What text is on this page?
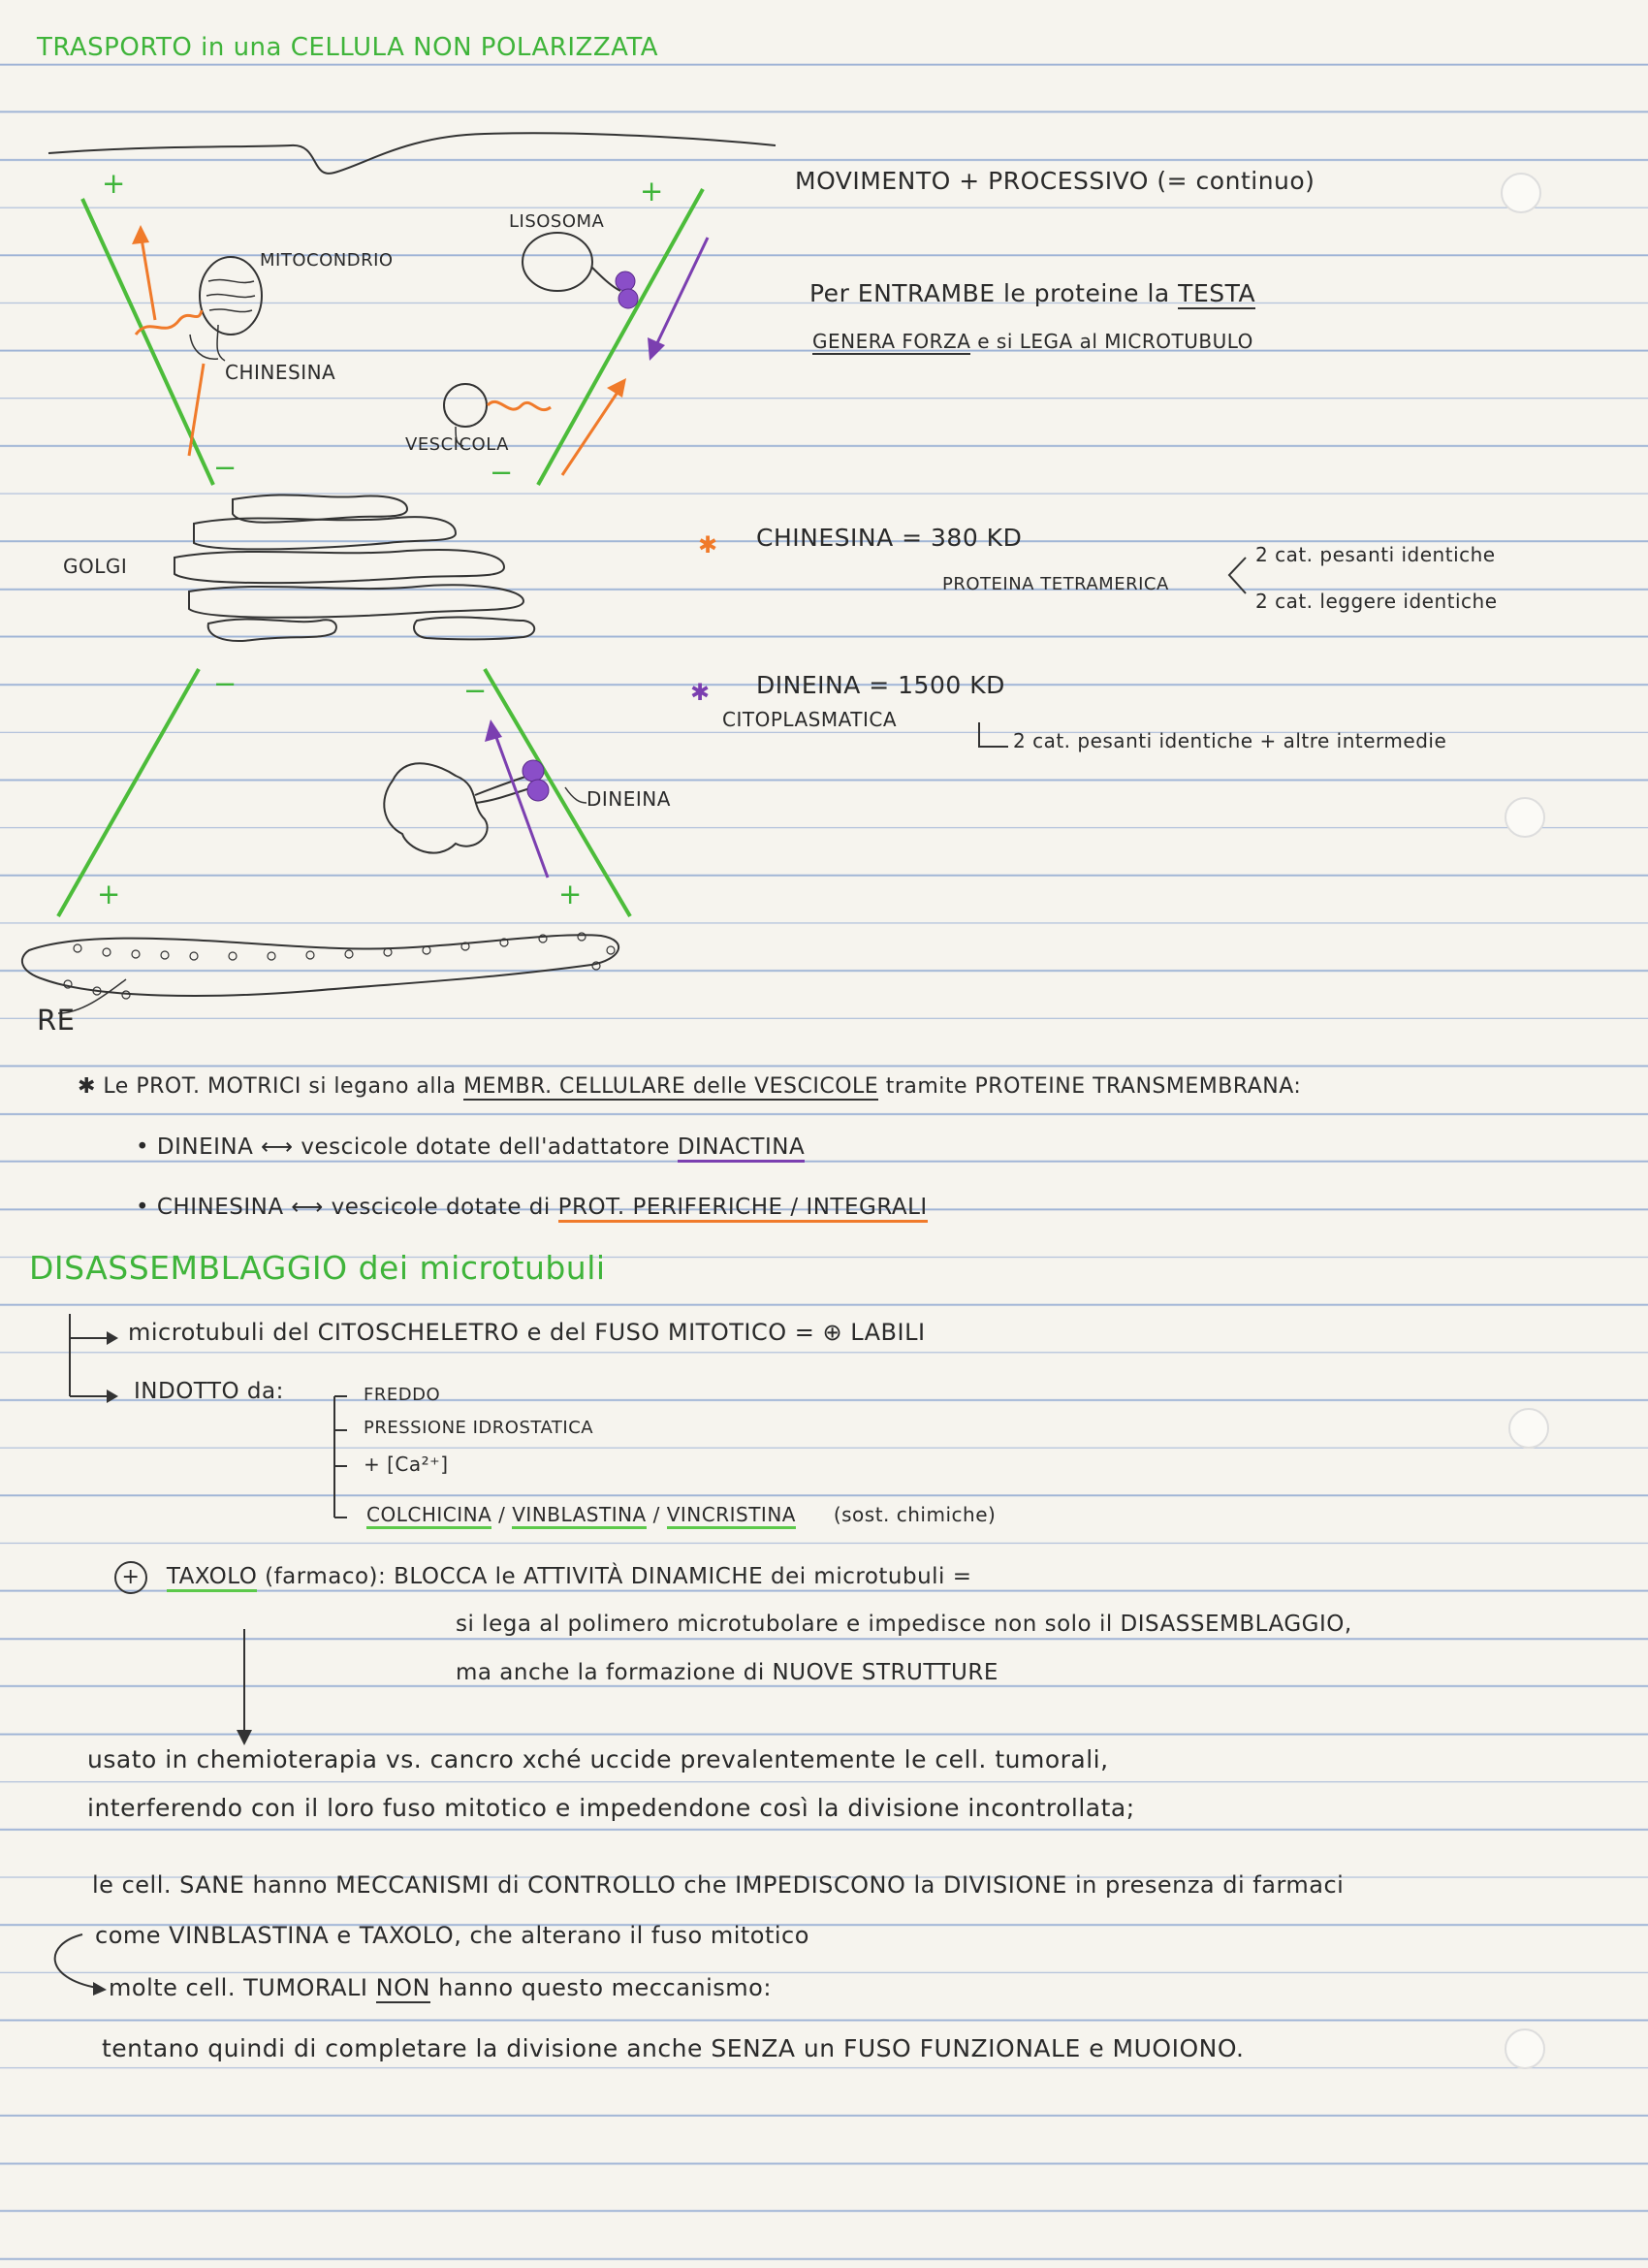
TRASPORTO in una CELLULA NON POLARIZZATA
+	+
−	−
−	−
+	+
MITOCONDRIO
LISOSOMA
CHINESINA
VESCICOLA
GOLGI
DINEINA
RE
MOVIMENTO + PROCESSIVO (= continuo)
Per ENTRAMBE le proteine la TESTA
GENERA FORZA e si LEGA al MICROTUBULO
✱ CHINESINA = 380 KD
PROTEINA TETRAMERICA
2 cat. pesanti identiche
2 cat. leggere identiche
✱ DINEINA = 1500 KD
CITOPLASMATICA
2 cat. pesanti identiche + altre intermedie
✱ Le PROT. MOTRICI si legano alla MEMBR. CELLULARE delle VESCICOLE tramite PROTEINE TRANSMEMBRANA:
• DINEINA ⟷ vescicole dotate dell'adattatore DINACTINA
• CHINESINA ⟷ vescicole dotate di PROT. PERIFERICHE / INTEGRALI
DISASSEMBLAGGIO dei microtubuli
microtubuli del CITOSCHELETRO e del FUSO MITOTICO = ⊕ LABILI
INDOTTO da:	FREDDO
PRESSIONE IDROSTATICA
+ [Ca²⁺]
COLCHICINA / VINBLASTINA / VINCRISTINA (sost. chimiche)
+ TAXOLO (farmaco): BLOCCA le ATTIVITÀ DINAMICHE dei microtubuli =
si lega al polimero microtubolare e impedisce non solo il DISASSEMBLAGGIO,
ma anche la formazione di NUOVE STRUTTURE
usato in chemioterapia vs. cancro xché uccide prevalentemente le cell. tumorali,
interferendo con il loro fuso mitotico e impedendone così la divisione incontrollata;
le cell. SANE hanno MECCANISMI di CONTROLLO che IMPEDISCONO la DIVISIONE in presenza di farmaci
come VINBLASTINA e TAXOLO, che alterano il fuso mitotico
molte cell. TUMORALI NON hanno questo meccanismo:
tentano quindi di completare la divisione anche SENZA un FUSO FUNZIONALE e MUOIONO.
